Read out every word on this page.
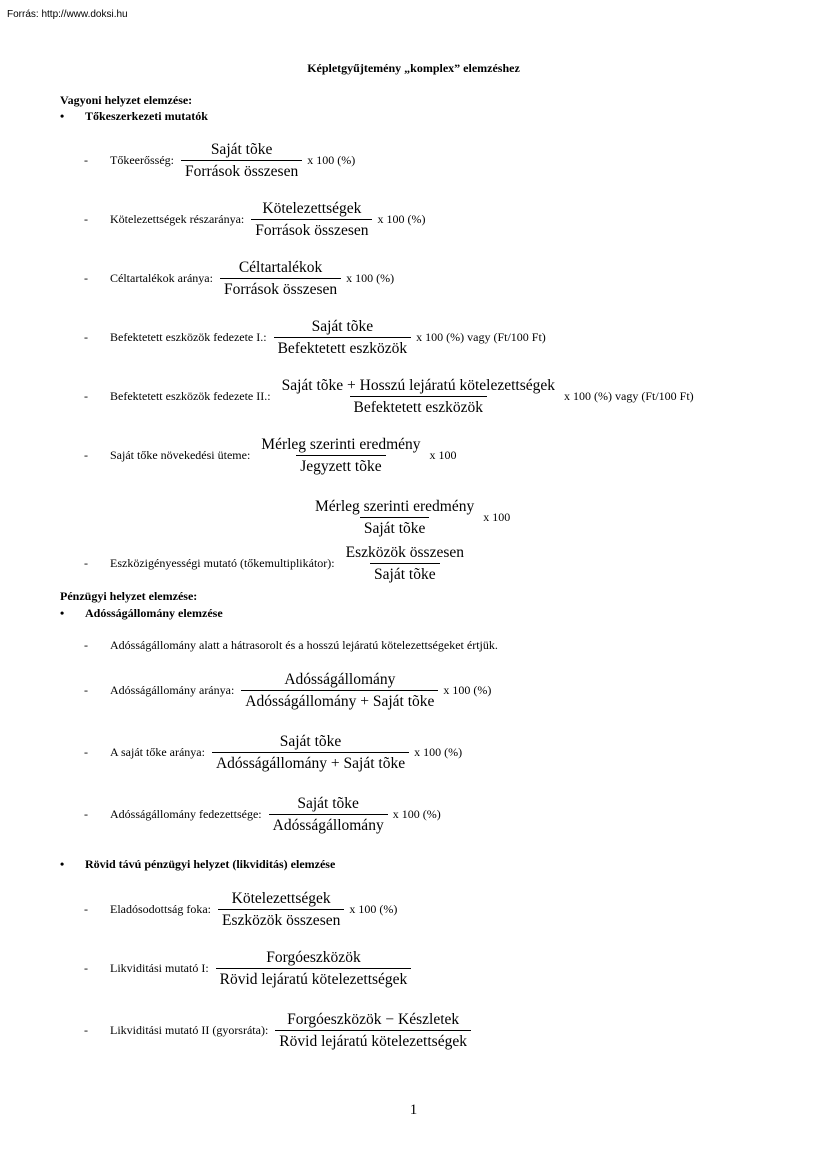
Forrás: http://www.doksi.hu
Képletgyűjtemény „komplex” elemzéshez
Vagyoni helyzet elemzése:
•	Tőkeszerkezeti mutatók
-	Tőkeerősség: $\frac{\text{Saját tõke}}{\text{Források összesen}}$ x 100 (%)
-	Kötelezettségek részaránya: $\frac{\text{Kötelezettségek}}{\text{Források összesen}}$ x 100 (%)
-	Céltartalékok aránya: $\frac{\text{Céltartalékok}}{\text{Források összesen}}$ x 100 (%)
-	Befektetett eszközök fedezete I.: $\frac{\text{Saját tõke}}{\text{Befektetett eszközök}}$ x 100 (%) vagy (Ft/100 Ft)
-	Befektetett eszközök fedezete II.: $\frac{\text{Saját tõke + Hosszú lejáratú kötelezettségek}}{\text{Befektetett eszközök}}$ x 100 (%) vagy (Ft/100 Ft)
-	Saját tőke növekedési üteme: $\frac{\text{Mérleg szerinti eredmény}}{\text{Jegyzett tõke}}$ x 100
$\frac{\text{Mérleg szerinti eredmény}}{\text{Saját tõke}}$ x 100
-	Eszközigényességi mutató (tőkemultiplikátor): $\frac{\text{Eszközök összesen}}{\text{Saját tõke}}$
Pénzügyi helyzet elemzése:
•	Adósságállomány elemzése
-	Adósságállomány alatt a hátrasorolt és a hosszú lejáratú kötelezettségeket értjük.
-	Adósságállomány aránya: $\frac{\text{Adósságállomány}}{\text{Adósságállomány + Saját tõke}}$ x 100 (%)
-	A saját tőke aránya: $\frac{\text{Saját tõke}}{\text{Adósságállomány + Saját tõke}}$ x 100 (%)
-	Adósságállomány fedezettsége: $\frac{\text{Saját tõke}}{\text{Adósságállomány}}$ x 100 (%)
•	Rövid távú pénzügyi helyzet (likviditás) elemzése
-	Eladósodottság foka: $\frac{\text{Kötelezettségek}}{\text{Eszközök összesen}}$ x 100 (%)
-	Likviditási mutató I: $\frac{\text{Forgóeszközök}}{\text{Rövid lejáratú kötelezettségek}}$
-	Likviditási mutató II (gyorsráta): $\frac{\text{Forgóeszközök − Készletek}}{\text{Rövid lejáratú kötelezettségek}}$
1
